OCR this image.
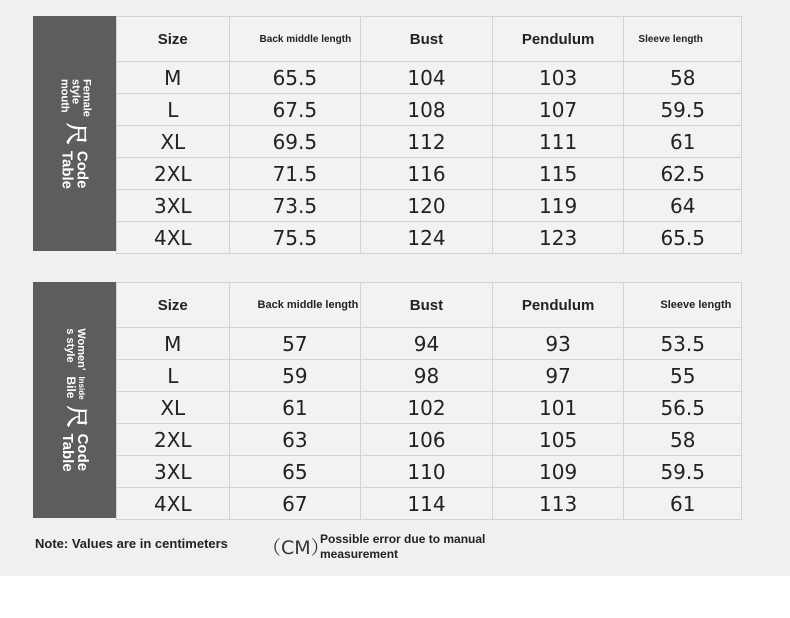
Female
style
mouth
尺
Code
Table
Size	Back middle length	Bust	Pendulum	Sleeve length
M	65.5	104	103	58
L	67.5	108	107	59.5
XL	69.5	112	111	61
2XL	71.5	116	115	62.5
3XL	73.5	120	119	64
4XL	75.5	124	123	65.5
Women'
s style
Inside
Bile
尺
Code
Table
Size	Back middle length	Bust	Pendulum	Sleeve length
M	57	94	93	53.5
L	59	98	97	55
XL	61	102	101	56.5
2XL	63	106	105	58
3XL	65	110	109	59.5
4XL	67	114	113	61
Note: Values are in centimeters （CM）
Possible error due to manual measurement
